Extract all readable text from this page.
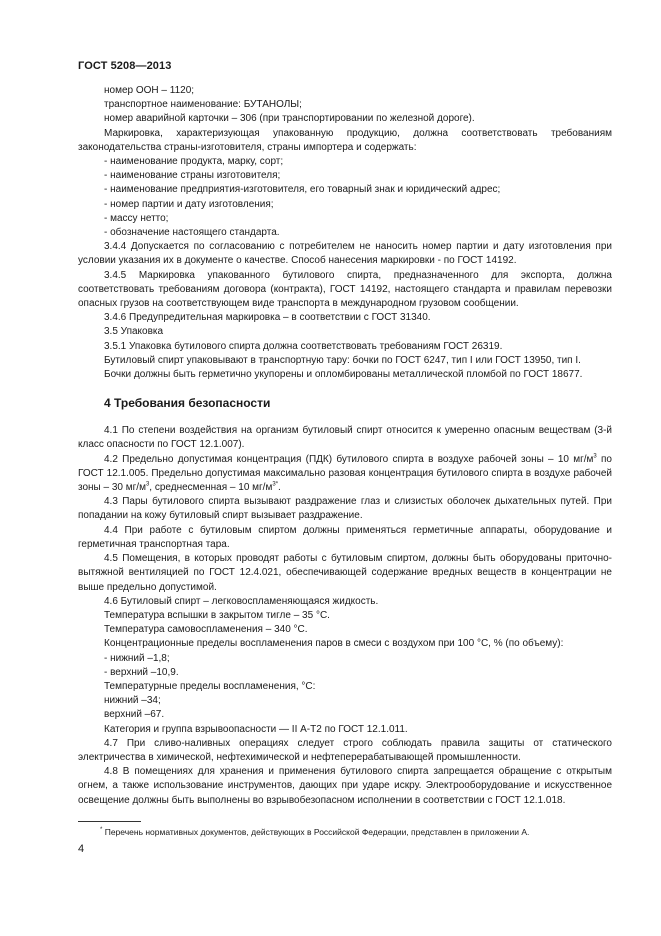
ГОСТ 5208—2013

номер ООН – 1120;

транспортное наименование: БУТАНОЛЫ;

номер аварийной карточки – 306 (при транспортировании по железной дороге).

Маркировка, характеризующая упакованную продукцию, должна соответствовать требованиям законодательства страны-изготовителя, страны импортера и содержать:

- наименование продукта, марку, сорт;

- наименование страны изготовителя;

- наименование предприятия-изготовителя, его товарный знак и юридический адрес;

- номер партии и дату изготовления;

- массу нетто;

- обозначение настоящего стандарта.

3.4.4 Допускается по согласованию с потребителем не наносить номер партии и дату изготовления при условии указания их в документе о качестве. Способ нанесения маркировки - по ГОСТ 14192.

3.4.5 Маркировка упакованного бутилового спирта, предназначенного для экспорта, должна соответствовать требованиям договора (контракта), ГОСТ 14192, настоящего стандарта и правилам перевозки опасных грузов на соответствующем виде транспорта в международном грузовом сообщении.

3.4.6 Предупредительная маркировка – в соответствии с ГОСТ 31340.

3.5 Упаковка

3.5.1 Упаковка бутилового спирта должна соответствовать требованиям ГОСТ 26319.

Бутиловый спирт упаковывают в транспортную тару: бочки по ГОСТ 6247, тип I или ГОСТ 13950, тип I.

Бочки должны быть герметично укупорены и опломбированы металлической пломбой по ГОСТ 18677.

4 Требования безопасности

4.1 По степени воздействия на организм бутиловый спирт относится к умеренно опасным веществам (3-й класс опасности по ГОСТ 12.1.007).

4.2 Предельно допустимая концентрация (ПДК) бутилового спирта в воздухе рабочей зоны – 10 $мг/м^3$ по ГОСТ 12.1.005. Предельно допустимая максимально разовая концентрация бутилового спирта в воздухе рабочей зоны – 30 $мг/м^3$, среднесменная – 10 $мг/м^{3*}$.

4.3 Пары бутилового спирта вызывают раздражение глаз и слизистых оболочек дыхательных путей. При попадании на кожу бутиловый спирт вызывает раздражение.

4.4 При работе с бутиловым спиртом должны применяться герметичные аппараты, оборудование и герметичная транспортная тара.

4.5 Помещения, в которых проводят работы с бутиловым спиртом, должны быть оборудованы приточно-вытяжной вентиляцией по ГОСТ 12.4.021, обеспечивающей содержание вредных веществ в концентрации не выше предельно допустимой.

4.6 Бутиловый спирт – легковоспламеняющаяся жидкость.

Температура вспышки в закрытом тигле – 35 °С.

Температура самовоспламенения – 340 °С.

Концентрационные пределы воспламенения паров в смеси с воздухом при 100 °С, % (по объему):

- нижний –1,8;

- верхний –10,9.

Температурные пределы воспламенения, °С:

нижний –34;

верхний –67.

Категория и группа взрывоопасности — II А-Т2 по ГОСТ 12.1.011.

4.7 При сливо-наливных операциях следует строго соблюдать правила защиты от статического электричества в химической, нефтехимической и нефтеперерабатывающей промышленности.

4.8 В помещениях для хранения и применения бутилового спирта запрещается обращение с открытым огнем, а также использование инструментов, дающих при ударе искру. Электрооборудование и искусственное освещение должны быть выполнены во взрывобезопасном исполнении в соответствии с ГОСТ 12.1.018.

* Перечень нормативных документов, действующих в Российской Федерации, представлен в приложении А.
4
